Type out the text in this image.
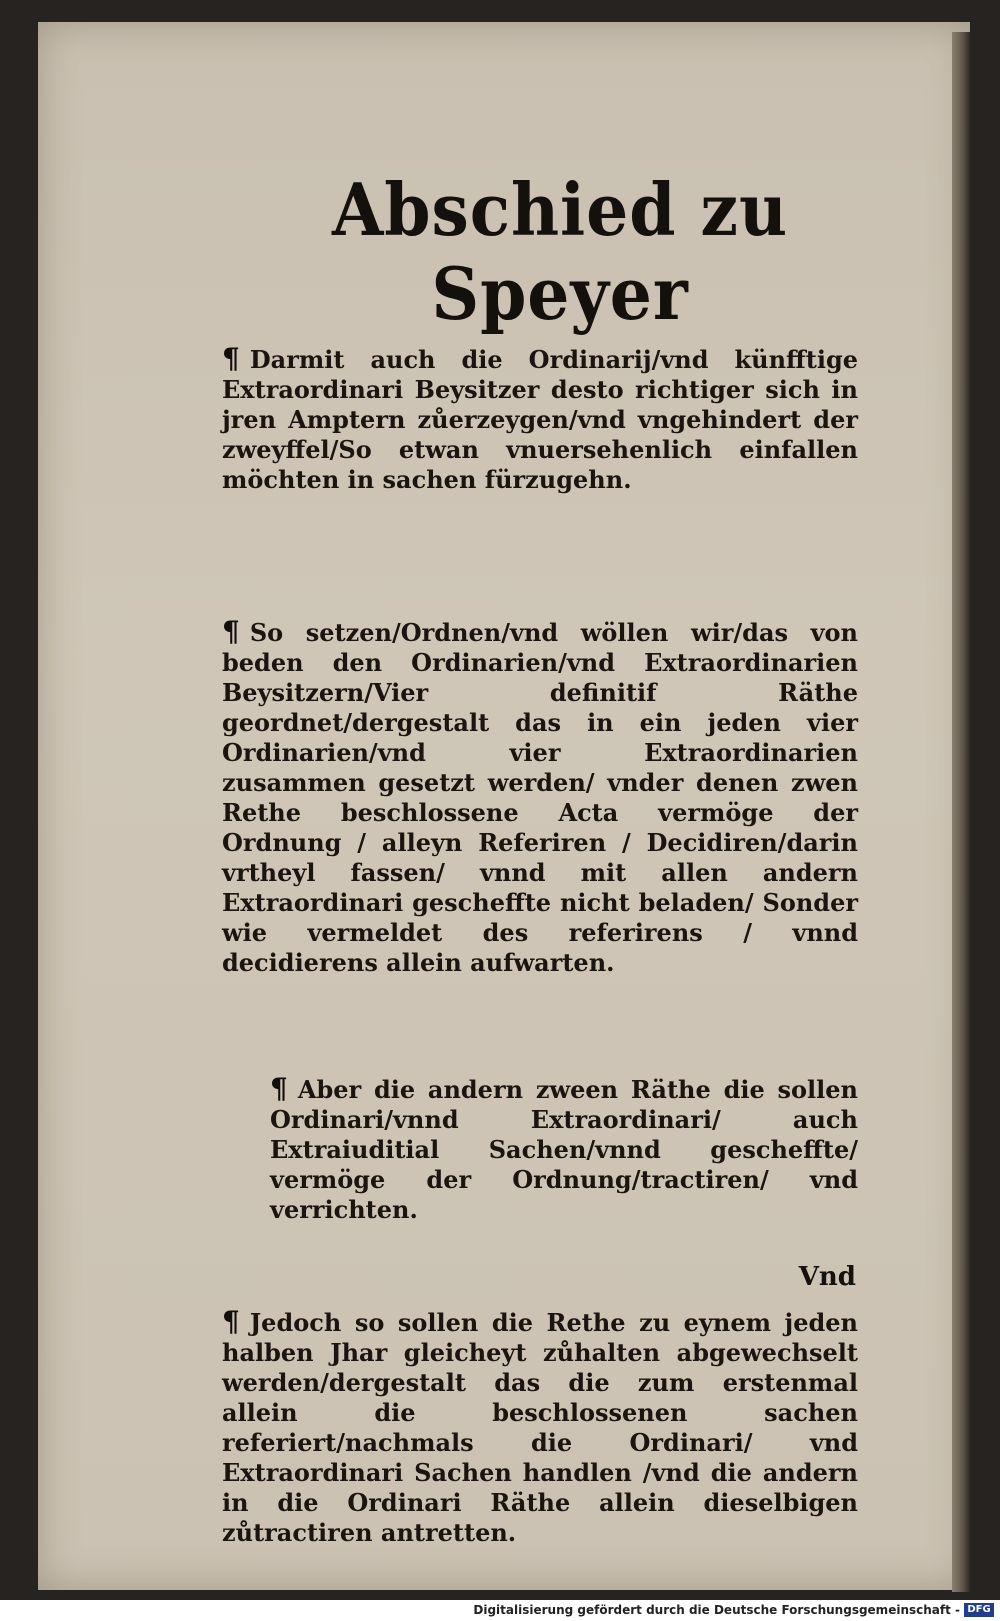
Abschied zu Speyer

¶ Darmit auch die Ordinarij/vnd künfftige Extraordinari Beysitzer desto richtiger sich in jren Amptern zůerzeygen/vnd vngehindert der zweyffel/So etwan vnuersehenlich einfallen möchten in sachen fürzugehn.

¶ So setzen/Ordnen/vnd wöllen wir/das von beden den Ordinarien/vnd Extraordinarien Beysitzern/Vier definitif Räthe geordnet/dergestalt das in ein jeden vier Ordinarien/vnd vier Extraordinarien zusammen gesetzt werden/ vnder denen zwen Rethe beschlossene Acta vermöge der Ordnung / alleyn Referiren / Decidiren/darin vrtheyl fassen/ vnnd mit allen andern Extraordinari gescheffte nicht beladen/ Sonder wie vermeldet des referirens / vnnd decidierens allein aufwarten.

¶ Aber die andern zween Räthe die sollen Ordinari/vnnd Extraordinari/ auch Extraiuditial Sachen/vnnd gescheffte/ vermöge der Ordnung/tractiren/ vnd verrichten.

¶ Jedoch so sollen die Rethe zu eynem jeden halben Jhar gleicheyt zůhalten abgewechselt werden/dergestalt das die zum erstenmal allein die beschlossenen sachen referiert/nachmals die Ordinari/ vnd Extraordinari Sachen handlen /vnd die andern in die Ordinari Räthe allein dieselbigen zůtractiren antretten.

Vnd
Digitalisierung gefördert durch die Deutsche Forschungsgemeinschaft - DFG
